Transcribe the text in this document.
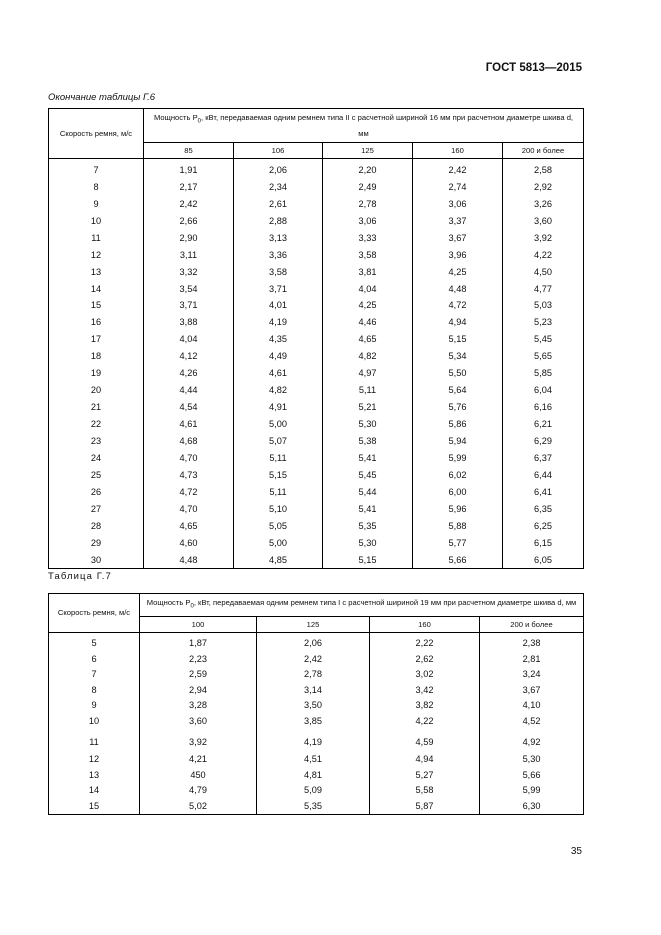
ГОСТ 5813—2015
Окончание таблицы Г.6
Скорость ремня, м/с	Мощность $P_0$, кВт, передаваемая одним ремнем типа II с расчетной шириной 16 мм при расчетном диаметре шкива d, мм				
	85	106	125	160	200 и более
7	1,91	2,06	2,20	2,42	2,58
8	2,17	2,34	2,49	2,74	2,92
9	2,42	2,61	2,78	3,06	3,26
10	2,66	2,88	3,06	3,37	3,60
11	2,90	3,13	3,33	3,67	3,92
12	3,11	3,36	3,58	3,96	4,22
13	3,32	3,58	3,81	4,25	4,50
14	3,54	3,71	4,04	4,48	4,77
15	3,71	4,01	4,25	4,72	5,03
16	3,88	4,19	4,46	4,94	5,23
17	4,04	4,35	4,65	5,15	5,45
18	4,12	4,49	4,82	5,34	5,65
19	4,26	4,61	4,97	5,50	5,85
20	4,44	4,82	5,11	5,64	6,04
21	4,54	4,91	5,21	5,76	6,16
22	4,61	5,00	5,30	5,86	6,21
23	4,68	5,07	5,38	5,94	6,29
24	4,70	5,11	5,41	5,99	6,37
25	4,73	5,15	5,45	6,02	6,44
26	4,72	5,11	5,44	6,00	6,41
27	4,70	5,10	5,41	5,96	6,35
28	4,65	5,05	5,35	5,88	6,25
29	4,60	5,00	5,30	5,77	6,15
30	4,48	4,85	5,15	5,66	6,05
Таблица Г.7
Скорость ремня, м/с	Мощность $P_0$, кВт, передаваемая одним ремнем типа I с расчетной шириной 19 мм при расчетном диаметре шкива d, мм			
	100	125	160	200 и более
5	1,87	2,06	2,22	2,38
6	2,23	2,42	2,62	2,81
7	2,59	2,78	3,02	3,24
8	2,94	3,14	3,42	3,67
9	3,28	3,50	3,82	4,10
10	3,60	3,85	4,22	4,52
11	3,92	4,19	4,59	4,92
12	4,21	4,51	4,94	5,30
13	450	4,81	5,27	5,66
14	4,79	5,09	5,58	5,99
15	5,02	5,35	5,87	6,30
35
